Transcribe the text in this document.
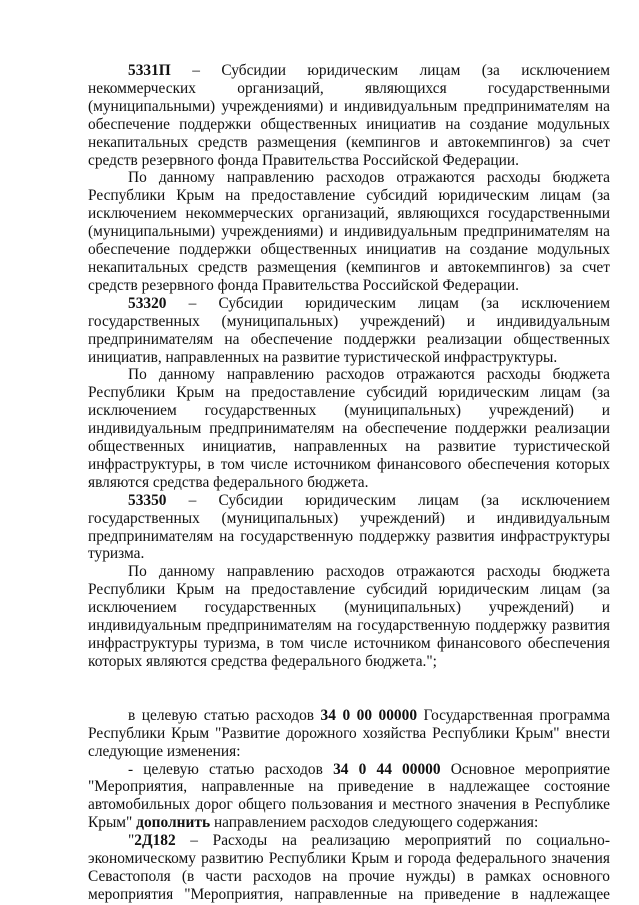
5331П – Субсидии юридическим лицам (за исключением некоммерческих организаций, являющихся государственными (муниципальными) учреждениями) и индивидуальным предпринимателям на обеспечение поддержки общественных инициатив на создание модульных некапитальных средств размещения (кемпингов и автокемпингов) за счет средств резервного фонда Правительства Российской Федерации.

По данному направлению расходов отражаются расходы бюджета Республики Крым на предоставление субсидий юридическим лицам (за исключением некоммерческих организаций, являющихся государственными (муниципальными) учреждениями) и индивидуальным предпринимателям на обеспечение поддержки общественных инициатив на создание модульных некапитальных средств размещения (кемпингов и автокемпингов) за счет средств резервного фонда Правительства Российской Федерации.

53320 – Субсидии юридическим лицам (за исключением государственных (муниципальных) учреждений) и индивидуальным предпринимателям на обеспечение поддержки реализации общественных инициатив, направленных на развитие туристической инфраструктуры.

По данному направлению расходов отражаются расходы бюджета Республики Крым на предоставление субсидий юридическим лицам (за исключением государственных (муниципальных) учреждений) и индивидуальным предпринимателям на обеспечение поддержки реализации общественных инициатив, направленных на развитие туристической инфраструктуры, в том числе источником финансового обеспечения которых являются средства федерального бюджета.

53350 – Субсидии юридическим лицам (за исключением государственных (муниципальных) учреждений) и индивидуальным предпринимателям на государственную поддержку развития инфраструктуры туризма.

По данному направлению расходов отражаются расходы бюджета Республики Крым на предоставление субсидий юридическим лицам (за исключением государственных (муниципальных) учреждений) и индивидуальным предпринимателям на государственную поддержку развития инфраструктуры туризма, в том числе источником финансового обеспечения которых являются средства федерального бюджета.";

в целевую статью расходов 34 0 00 00000 Государственная программа Республики Крым "Развитие дорожного хозяйства Республики Крым" внести следующие изменения:

- целевую статью расходов 34 0 44 00000 Основное мероприятие "Мероприятия, направленные на приведение в надлежащее состояние автомобильных дорог общего пользования и местного значения в Республике Крым" дополнить направлением расходов следующего содержания:

"2Д182 – Расходы на реализацию мероприятий по социально-экономическому развитию Республики Крым и города федерального значения Севастополя (в части расходов на прочие нужды) в рамках основного мероприятия "Мероприятия, направленные на приведение в надлежащее
